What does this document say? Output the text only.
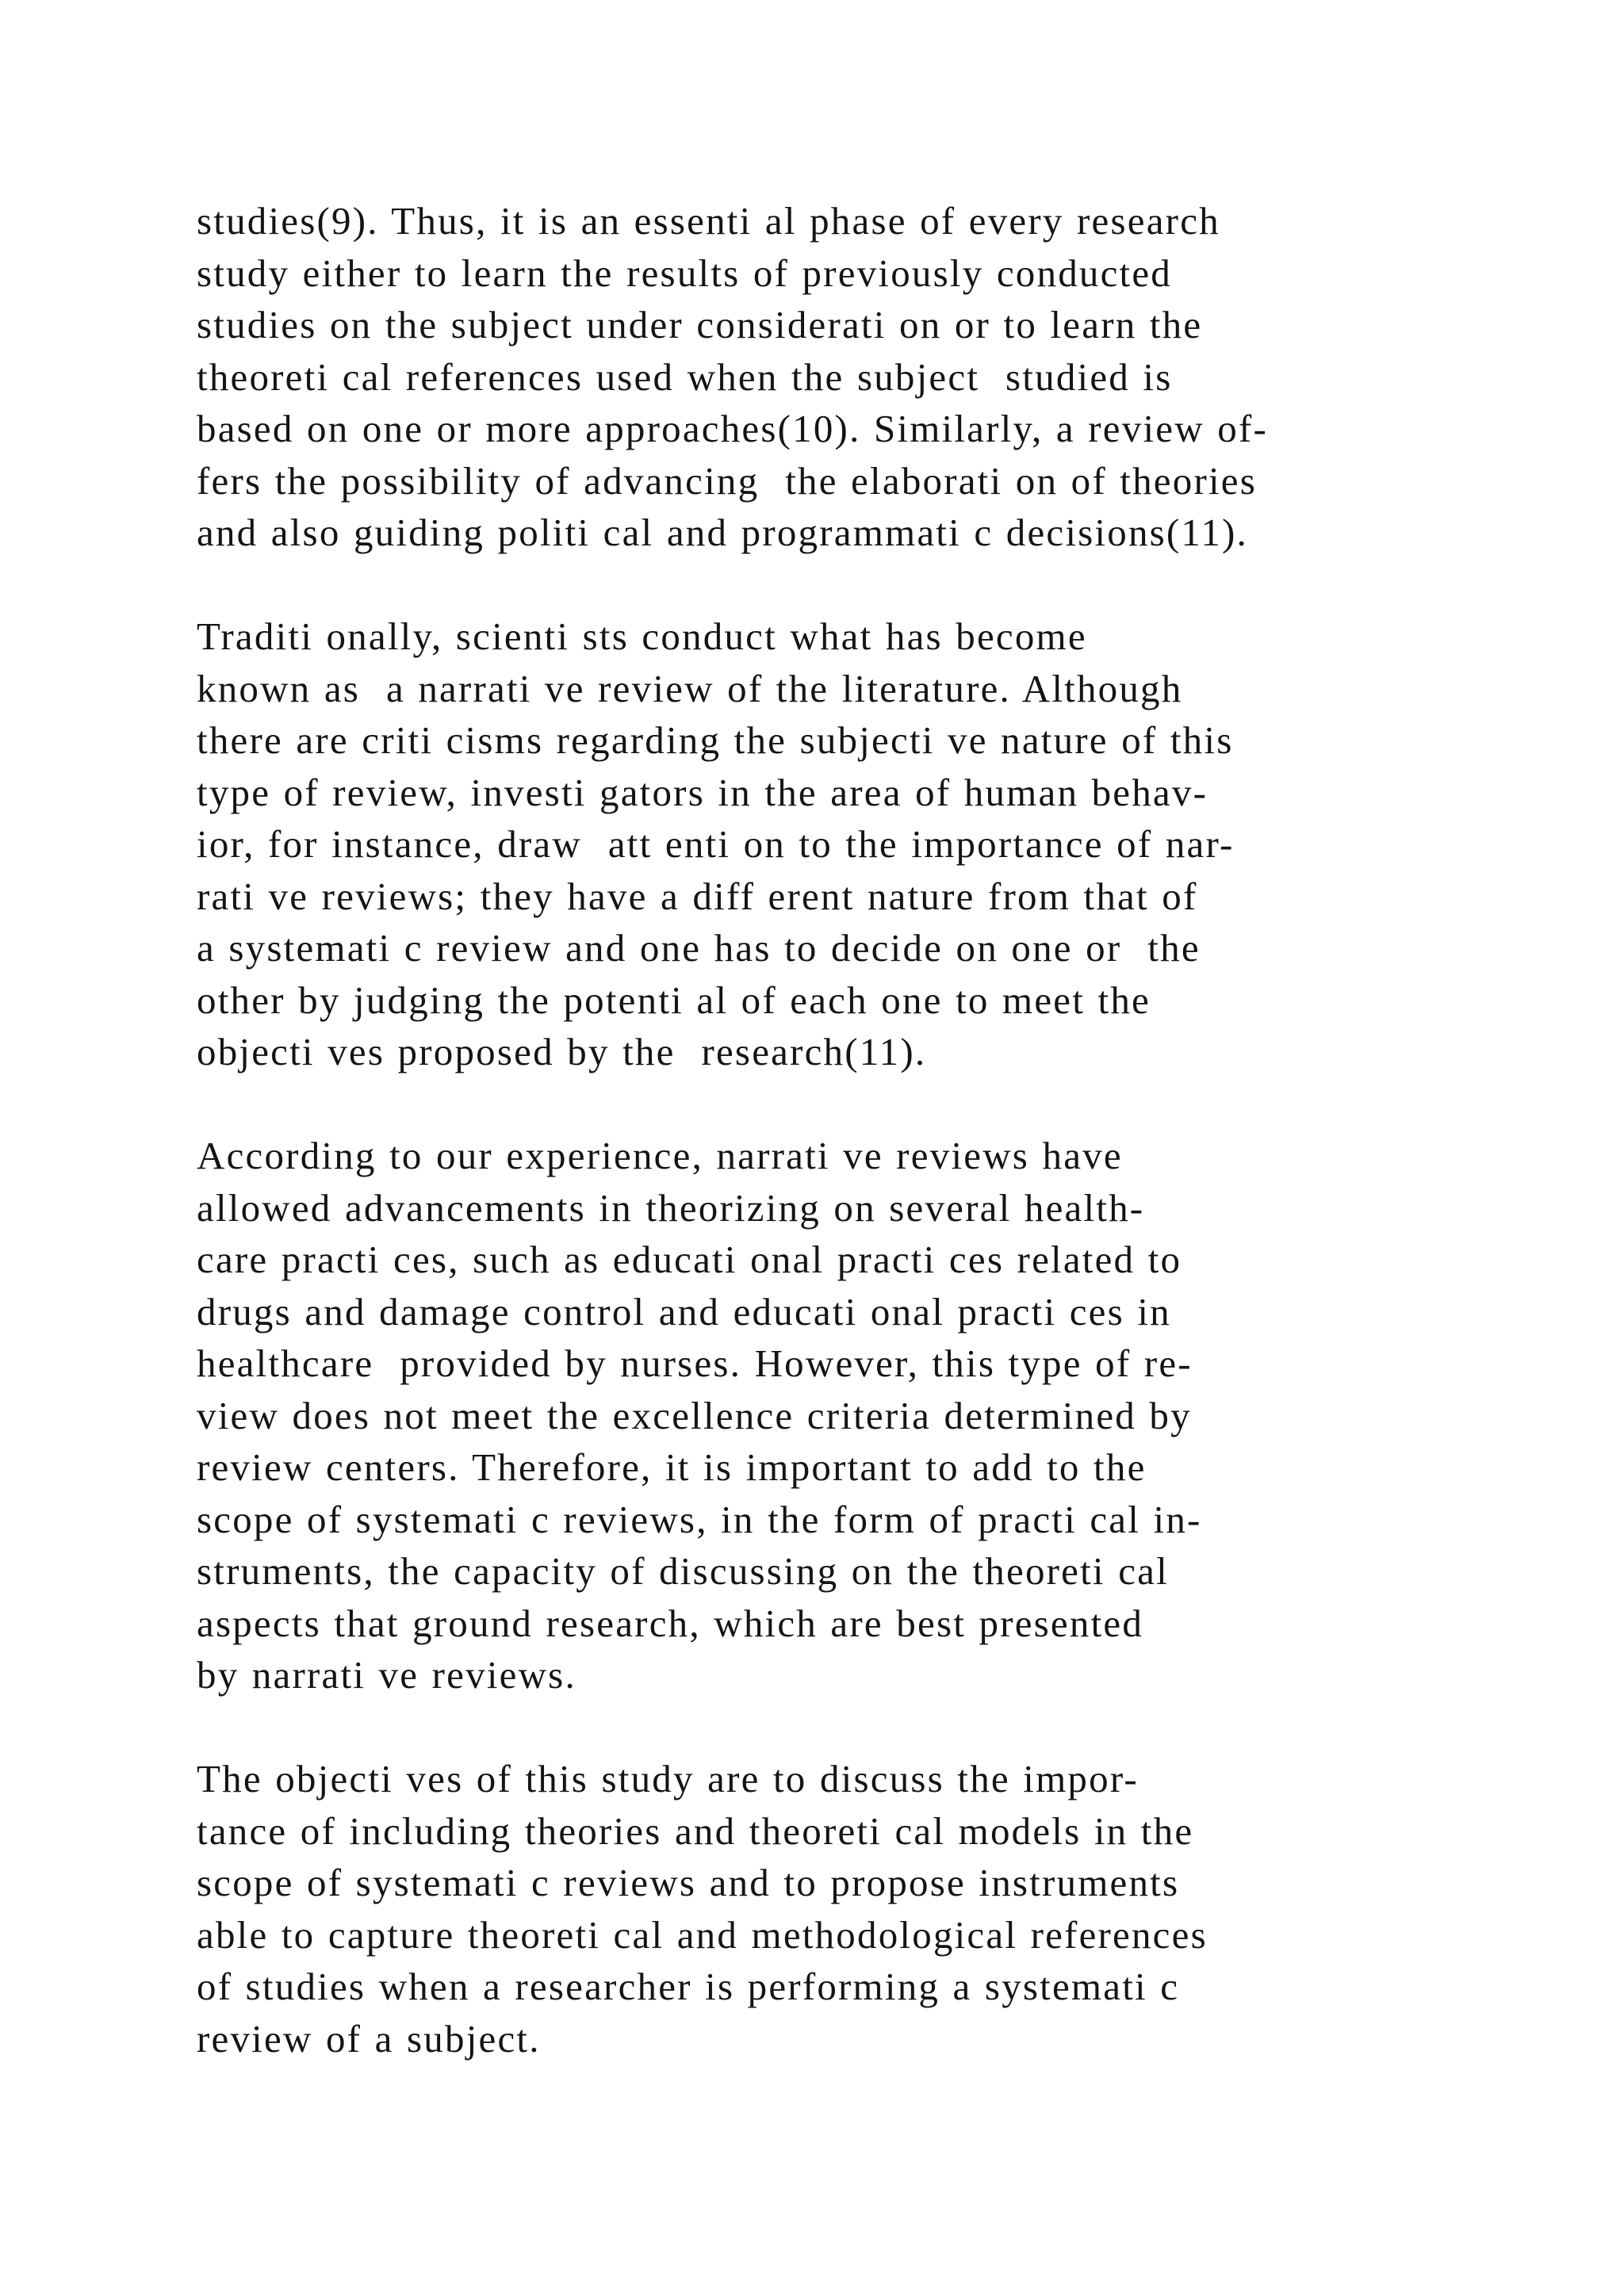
studies(9). Thus, it is an essenti al phase of every research
study either to learn the results of previously conducted
studies on the subject under considerati on or to learn the
theoreti cal references used when the subject  studied is
based on one or more approaches(10). Similarly, a review of-
fers the possibility of advancing  the elaborati on of theories
and also guiding politi cal and programmati c decisions(11).

Traditi onally, scienti sts conduct what has become
known as  a narrati ve review of the literature. Although
there are criti cisms regarding the subjecti ve nature of this
type of review, investi gators in the area of human behav-
ior, for instance, draw  att enti on to the importance of nar-
rati ve reviews; they have a diff erent nature from that of
a systemati c review and one has to decide on one or  the
other by judging the potenti al of each one to meet the
objecti ves proposed by the  research(11).

According to our experience, narrati ve reviews have
allowed advancements in theorizing on several health-
care practi ces, such as educati onal practi ces related to
drugs and damage control and educati onal practi ces in
healthcare  provided by nurses. However, this type of re-
view does not meet the excellence criteria determined by
review centers. Therefore, it is important to add to the
scope of systemati c reviews, in the form of practi cal in-
struments, the capacity of discussing on the theoreti cal
aspects that ground research, which are best presented
by narrati ve reviews.

The objecti ves of this study are to discuss the impor-
tance of including theories and theoreti cal models in the
scope of systemati c reviews and to propose instruments
able to capture theoreti cal and methodological references
of studies when a researcher is performing a systemati c
review of a subject.
